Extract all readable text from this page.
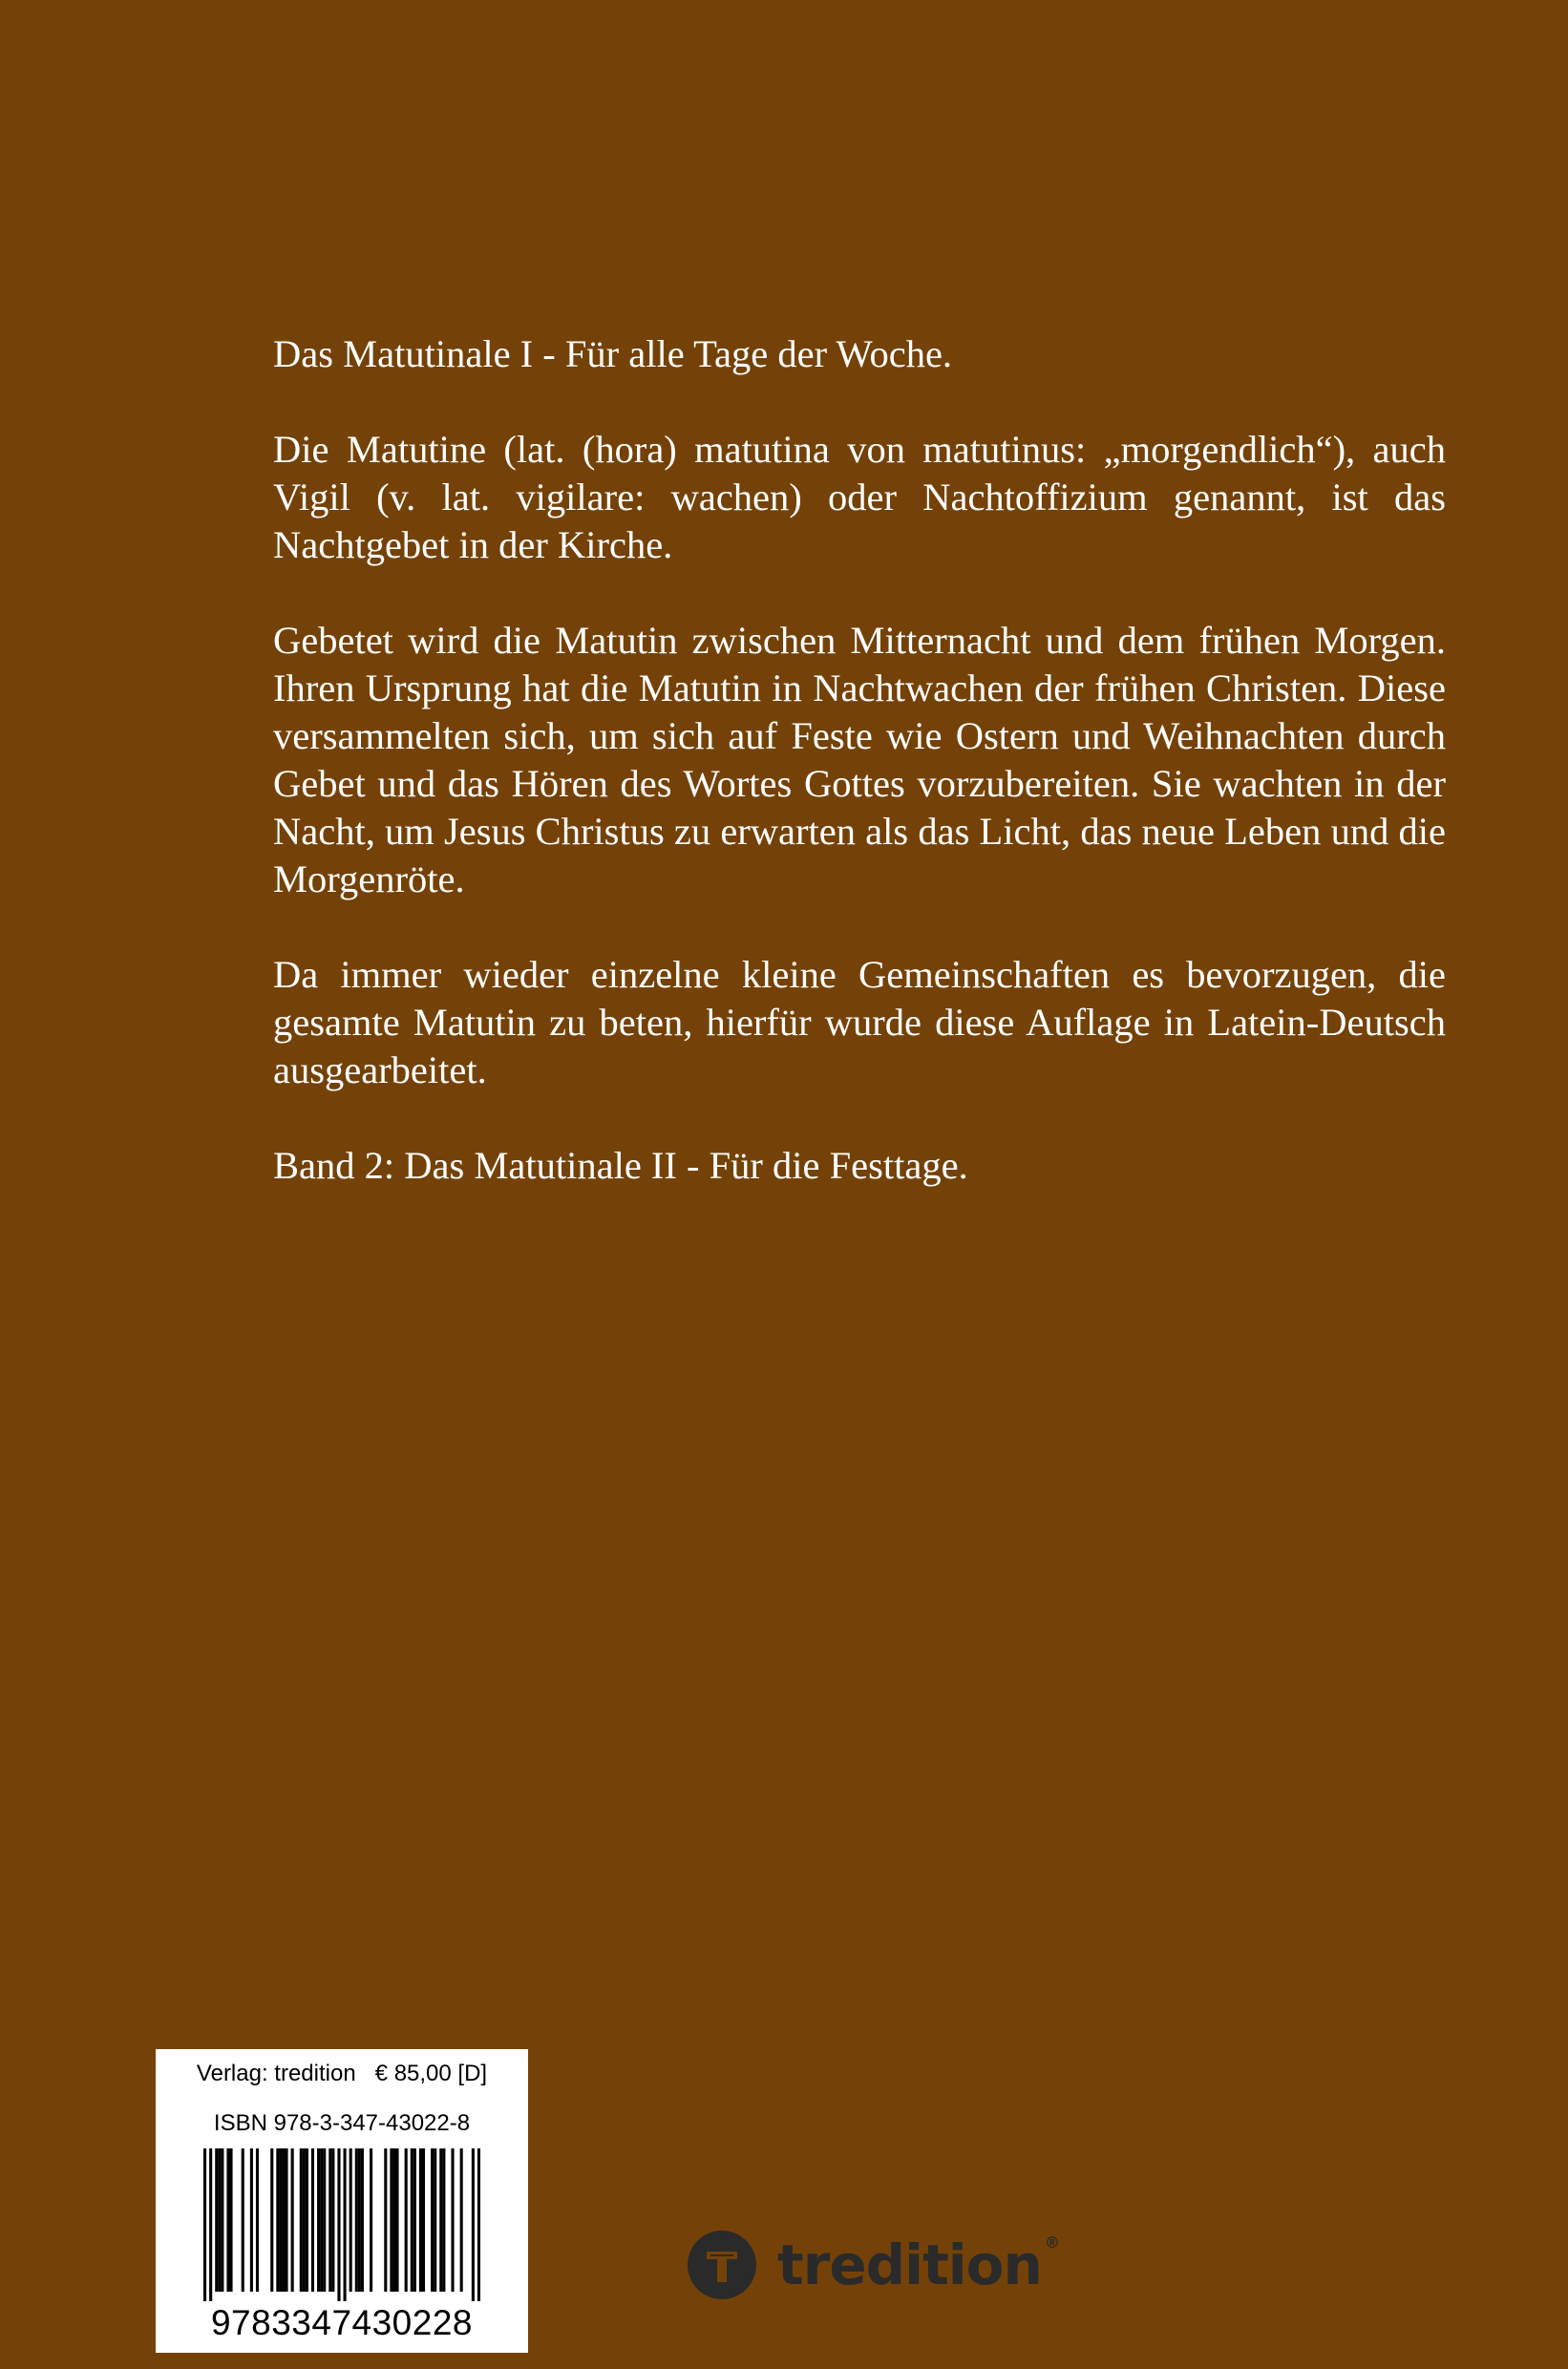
Das Matutinale I - Für alle Tage der Woche.

Die Matutine (lat. (hora) matutina von matutinus: „morgendlich“), auch Vigil (v. lat. vigilare: wachen) oder Nachtoffizium genannt, ist das Nachtgebet in der Kirche.

Gebetet wird die Matutin zwischen Mitternacht und dem frühen Morgen. Ihren Ursprung hat die Matutin in Nachtwachen der frühen Christen. Diese versammelten sich, um sich auf Feste wie Ostern und Weihnachten durch Gebet und das Hören des Wortes Gottes vorzubereiten. Sie wachten in der Nacht, um Jesus Christus zu erwarten als das Licht, das neue Leben und die Morgenröte.

Da immer wieder einzelne kleine Gemeinschaften es bevorzugen, die gesamte Matutin zu beten, hierfür wurde diese Auflage in Latein-Deutsch ausgearbeitet.

Band 2: Das Matutinale II - Für die Festtage.

Verlag: tredition   € 85,00 [D]
ISBN 978-3-347-43022-8
9783347430228
tredition ®
